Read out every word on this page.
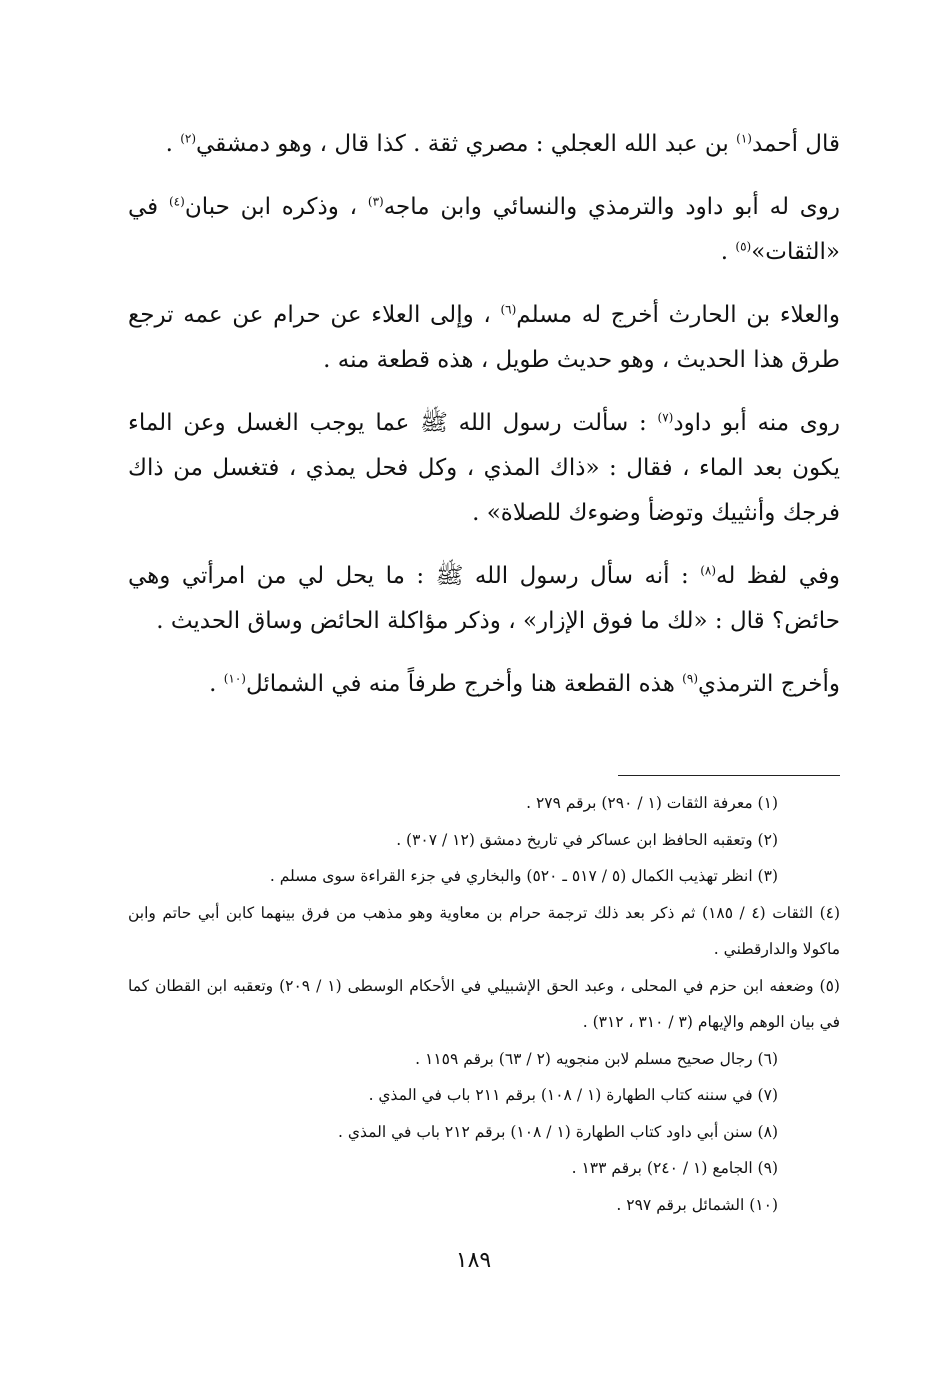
قال أحمد$^{(١)}$ بن عبد الله العجلي : مصري ثقة . كذا قال ، وهو دمشقي$^{(٢)}$ .

روى له أبو داود والترمذي والنسائي وابن ماجه$^{(٣)}$ ، وذكره ابن حبان$^{(٤)}$ في «الثقات»$^{(٥)}$ .

والعلاء بن الحارث أخرج له مسلم$^{(٦)}$ ، وإلى العلاء عن حرام عن عمه ترجع طرق هذا الحديث ، وهو حديث طويل ، هذه قطعة منه .

روى منه أبو داود$^{(٧)}$ : سألت رسول الله ﷺ عما يوجب الغسل وعن الماء يكون بعد الماء ، فقال : «ذاك المذي ، وكل فحل يمذي ، فتغسل من ذاك فرجك وأنثييك وتوضأ وضوءك للصلاة» .

وفي لفظ له$^{(٨)}$ : أنه سأل رسول الله ﷺ : ما يحل لي من امرأتي وهي حائض؟ قال : «لك ما فوق الإزار» ، وذكر مؤاكلة الحائض وساق الحديث .

وأخرج الترمذي$^{(٩)}$ هذه القطعة هنا وأخرج طرفاً منه في الشمائل$^{(١٠)}$ .

(١) معرفة الثقات (١ / ٢٩٠) برقم ٢٧٩ .

(٢) وتعقبه الحافظ ابن عساكر في تاريخ دمشق (١٢ / ٣٠٧) .

(٣) انظر تهذيب الكمال (٥ / ٥١٧ ـ ٥٢٠) والبخاري في جزء القراءة سوى مسلم .

(٤) الثقات (٤ / ١٨٥) ثم ذكر بعد ذلك ترجمة حرام بن معاوية وهو مذهب من فرق بينهما كابن أبي حاتم وابن ماكولا والدارقطني .

(٥) وضعفه ابن حزم في المحلى ، وعبد الحق الإشبيلي في الأحكام الوسطى (١ / ٢٠٩) وتعقبه ابن القطان كما في بيان الوهم والإيهام (٣ / ٣١٠ ، ٣١٢) .

(٦) رجال صحيح مسلم لابن منجويه (٢ / ٦٣) برقم ١١٥٩ .

(٧) في سننه كتاب الطهارة (١ / ١٠٨) برقم ٢١١ باب في المذي .

(٨) سنن أبي داود كتاب الطهارة (١ / ١٠٨) برقم ٢١٢ باب في المذي .

(٩) الجامع (١ / ٢٤٠) برقم ١٣٣ .

(١٠) الشمائل برقم ٢٩٧ .

١٨٩
